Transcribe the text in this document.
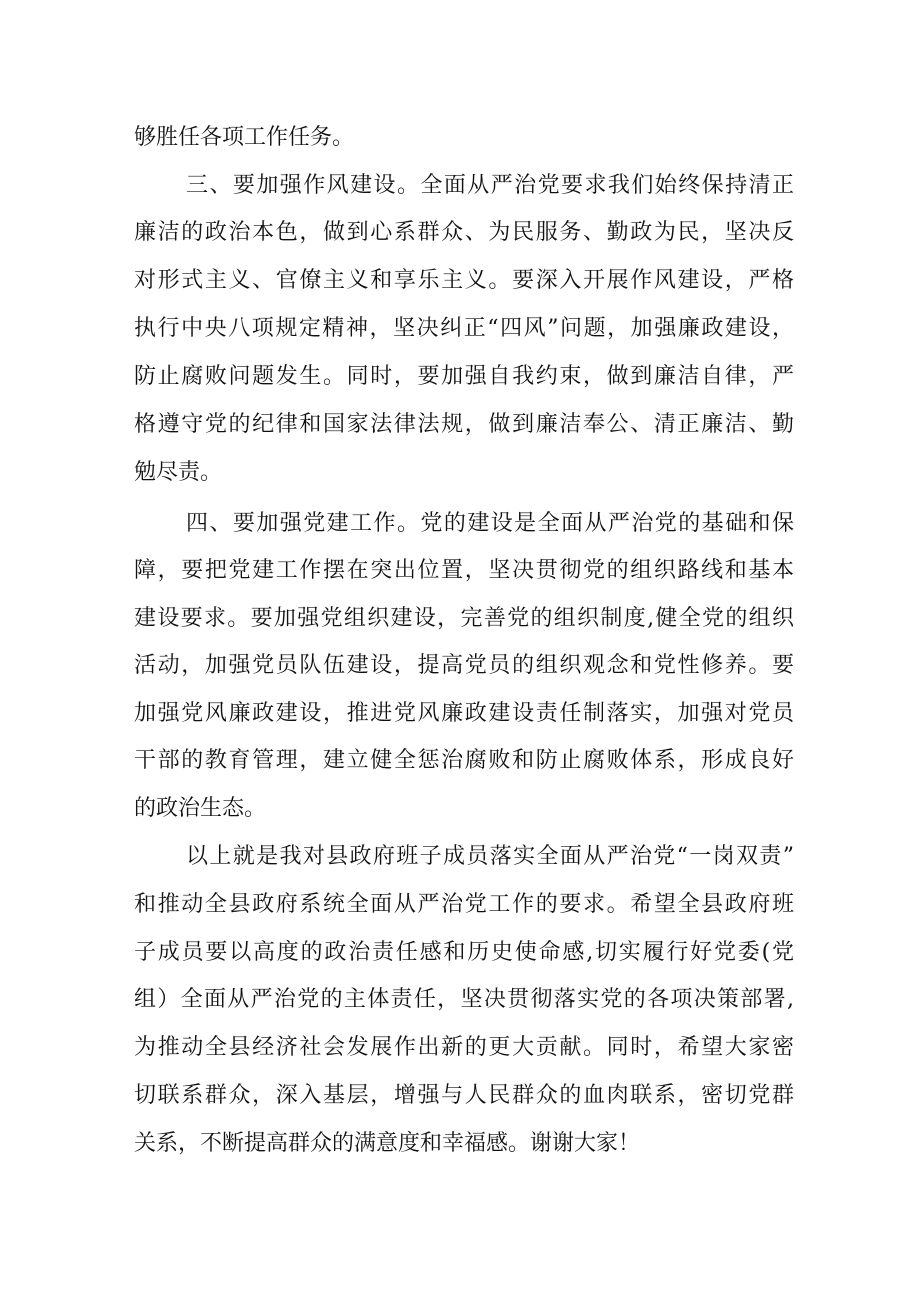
够胜任各项工作任务。
三、要加强作风建设。全面从严治党要求我们始终保持清正
廉洁的政治本色，做到心系群众、为民服务、勤政为民，坚决反
对形式主义、官僚主义和享乐主义。要深入开展作风建设，严格
执行中央八项规定精神，坚决纠正“四风”问题，加强廉政建设，
防止腐败问题发生。同时，要加强自我约束，做到廉洁自律，严
格遵守党的纪律和国家法律法规，做到廉洁奉公、清正廉洁、勤
勉尽责。
四、要加强党建工作。党的建设是全面从严治党的基础和保
障，要把党建工作摆在突出位置，坚决贯彻党的组织路线和基本
建设要求。要加强党组织建设，完善党的组织制度,健全党的组织
活动，加强党员队伍建设，提高党员的组织观念和党性修养。要
加强党风廉政建设，推进党风廉政建设责任制落实，加强对党员
干部的教育管理，建立健全惩治腐败和防止腐败体系，形成良好
的政治生态。
以上就是我对县政府班子成员落实全面从严治党“一岗双责”
和推动全县政府系统全面从严治党工作的要求。希望全县政府班
子成员要以高度的政治责任感和历史使命感,切实履行好党委(党
组）全面从严治党的主体责任，坚决贯彻落实党的各项决策部署,
为推动全县经济社会发展作出新的更大贡献。同时，希望大家密
切联系群众，深入基层，增强与人民群众的血肉联系，密切党群
关系，不断提高群众的满意度和幸福感。谢谢大家！
